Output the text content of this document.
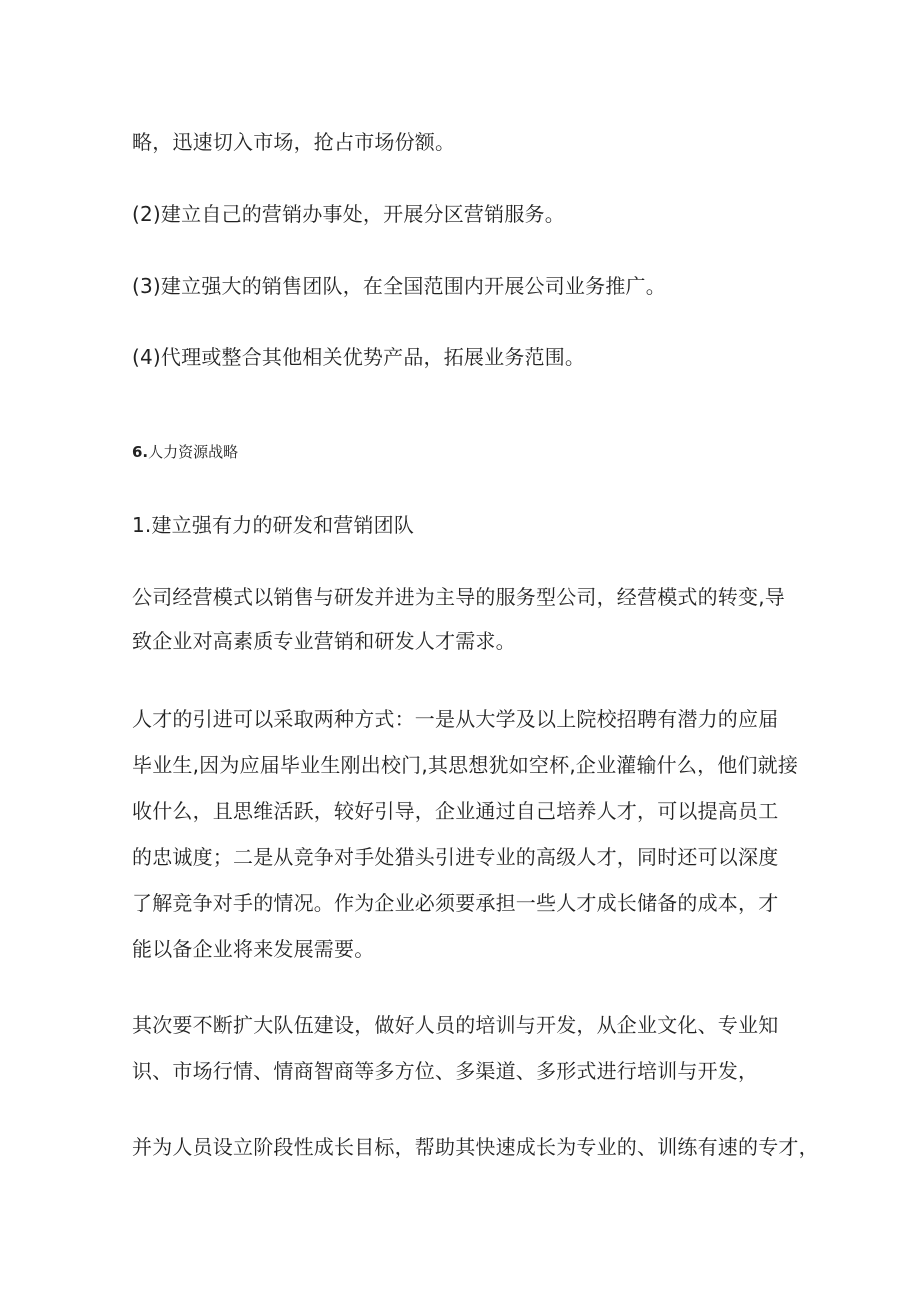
略，迅速切入市场，抢占市场份额。
(2)建立自己的营销办事处，开展分区营销服务。
(3)建立强大的销售团队，在全国范围内开展公司业务推广。
(4)代理或整合其他相关优势产品，拓展业务范围。
6.人力资源战略
1.建立强有力的研发和营销团队
公司经营模式以销售与研发并进为主导的服务型公司，经营模式的转变,导
致企业对高素质专业营销和研发人才需求。
人才的引进可以采取两种方式：一是从大学及以上院校招聘有潜力的应届
毕业生,因为应届毕业生刚出校门,其思想犹如空杯,企业灌输什么，他们就接
收什么，且思维活跃，较好引导，企业通过自己培养人才，可以提高员工
的忠诚度；二是从竞争对手处猎头引进专业的高级人才，同时还可以深度
了解竞争对手的情况。作为企业必须要承担一些人才成长储备的成本，才
能以备企业将来发展需要。
其次要不断扩大队伍建设，做好人员的培训与开发，从企业文化、专业知
识、市场行情、情商智商等多方位、多渠道、多形式进行培训与开发，
并为人员设立阶段性成长目标，帮助其快速成长为专业的、训练有速的专才，
